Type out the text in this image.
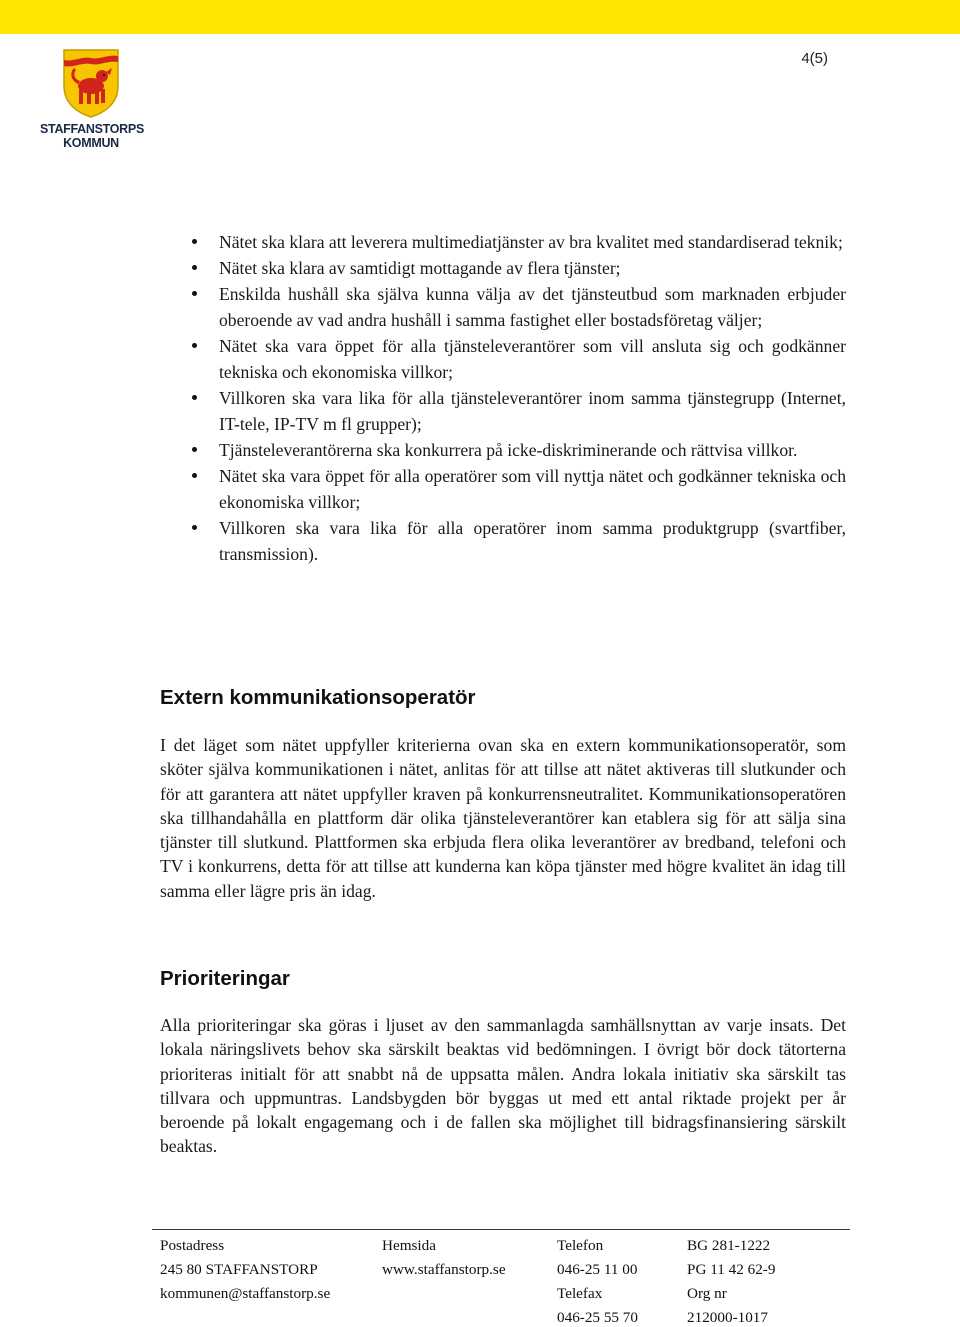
STAFFANSTORPS
KOMMUN
4(5)
Nätet ska klara att leverera multimediatjänster av bra kvalitet med standardiserad teknik;
Nätet ska klara av samtidigt mottagande av flera tjänster;
Enskilda hushåll ska själva kunna välja av det tjänsteutbud som marknaden erbjuder oberoende av vad andra hushåll i samma fastighet eller bostadsföretag väljer;
Nätet ska vara öppet för alla tjänsteleverantörer som vill ansluta sig och godkänner tekniska och ekonomiska villkor;
Villkoren ska vara lika för alla tjänsteleverantörer inom samma tjänstegrupp (Internet, IT-tele, IP-TV m fl grupper);
Tjänsteleverantörerna ska konkurrera på icke-diskriminerande och rättvisa villkor.
Nätet ska vara öppet för alla operatörer som vill nyttja nätet och godkänner tekniska och ekonomiska villkor;
Villkoren ska vara lika för alla operatörer inom samma produktgrupp (svartfiber, transmission).
Extern kommunikationsoperatör

I det läget som nätet uppfyller kriterierna ovan ska en extern kommunikationsoperatör, som sköter själva kommunikationen i nätet, anlitas för att tillse att nätet aktiveras till slutkunder och för att garantera att nätet uppfyller kraven på konkurrensneutralitet. Kommunikationsoperatören ska tillhandahålla en plattform där olika tjänsteleverantörer kan etablera sig för att sälja sina tjänster till slutkund. Plattformen ska erbjuda flera olika leverantörer av bredband, telefoni och TV i konkurrens, detta för att tillse att kunderna kan köpa tjänster med högre kvalitet än idag till samma eller lägre pris än idag.

Prioriteringar

Alla prioriteringar ska göras i ljuset av den sammanlagda samhällsnyttan av varje insats. Det lokala näringslivets behov ska särskilt beaktas vid bedömningen. I övrigt bör dock tätorterna prioriteras initialt för att snabbt nå de uppsatta målen. Andra lokala initiativ ska särskilt tas tillvara och uppmuntras. Landsbygden bör byggas ut med ett antal riktade projekt per år beroende på lokalt engagemang och i de fallen ska möjlighet till bidragsfinansiering särskilt beaktas.

Postadress
245 80 STAFFANSTORP
kommunen@staffanstorp.se
Hemsida
www.staffanstorp.se
Telefon
046-25 11 00
Telefax
046-25 55 70
BG 281-1222
PG 11 42 62-9
Org nr
212000-1017
